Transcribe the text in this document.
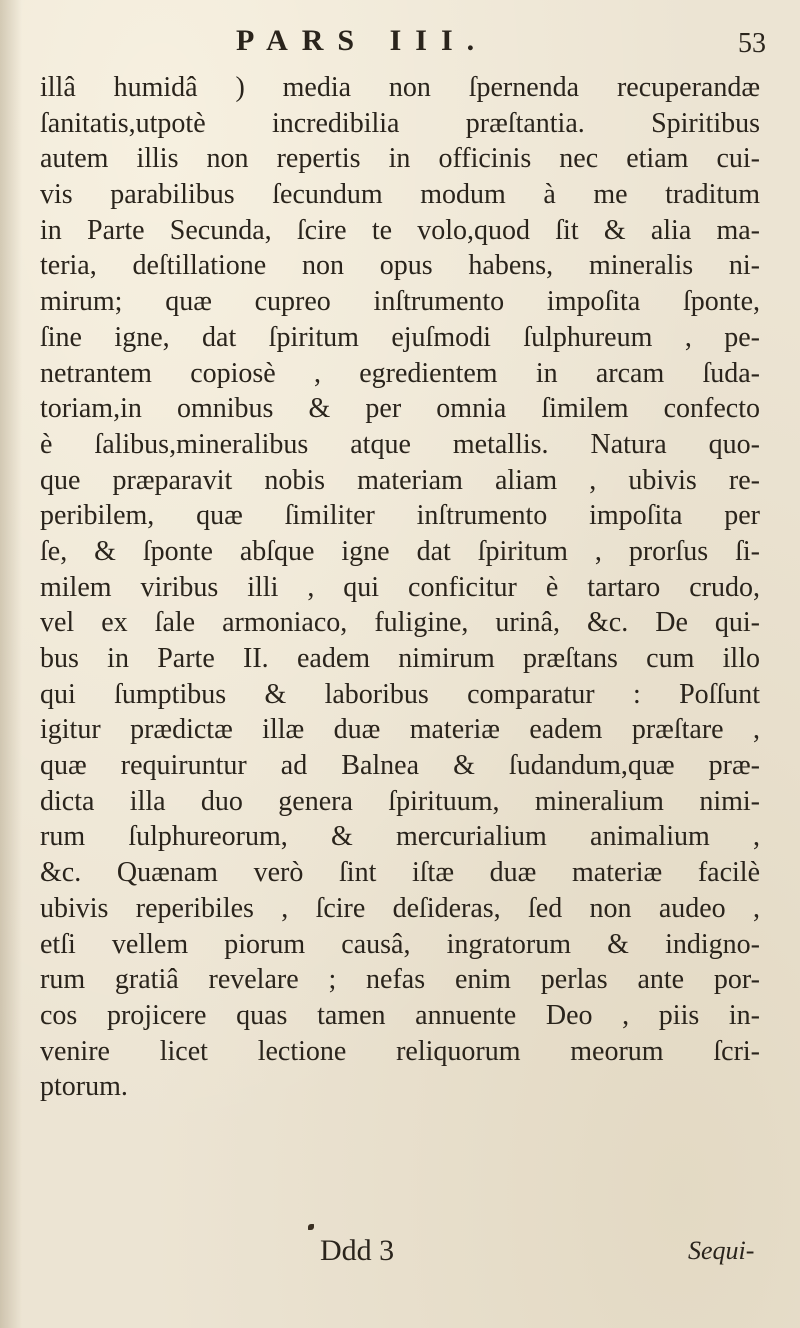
PARS III.	53
illâ humidâ ) media non ſpernenda recuperandæ
ſanitatis,utpotè incredibilia præſtantia. Spiritibus
autem illis non repertis in officinis nec etiam cui-
vis parabilibus ſecundum modum à me traditum
in Parte Secunda, ſcire te volo,quod ſit & alia ma-
teria, deſtillatione non opus habens, mineralis ni-
mirum; quæ cupreo inſtrumento impoſita ſponte,
ſine igne, dat ſpiritum ejuſmodi ſulphureum , pe-
netrantem copiosè , egredientem in arcam ſuda-
toriam,in omnibus & per omnia ſimilem confecto
è ſalibus,mineralibus atque metallis. Natura quo-
que præparavit nobis materiam aliam , ubivis re-
peribilem, quæ ſimiliter inſtrumento impoſita per
ſe, & ſponte abſque igne dat ſpiritum , prorſus ſi-
milem viribus illi , qui conficitur è tartaro crudo,
vel ex ſale armoniaco, fuligine, urinâ, &c. De qui-
bus in Parte II. eadem nimirum præſtans cum illo
qui ſumptibus & laboribus comparatur : Poſſunt
igitur prædictæ illæ duæ materiæ eadem præſtare ,
quæ requiruntur ad Balnea & ſudandum,quæ præ-
dicta illa duo genera ſpirituum, mineralium nimi-
rum ſulphureorum, & mercurialium animalium ,
&c. Quænam verò ſint iſtæ duæ materiæ facilè
ubivis reperibiles , ſcire deſideras, ſed non audeo ,
etſi vellem piorum causâ, ingratorum & indigno-
rum gratiâ revelare ; nefas enim perlas ante por-
cos projicere quas tamen annuente Deo , piis in-
venire licet lectione reliquorum meorum ſcri-
ptorum.
Ddd 3	Sequi-
